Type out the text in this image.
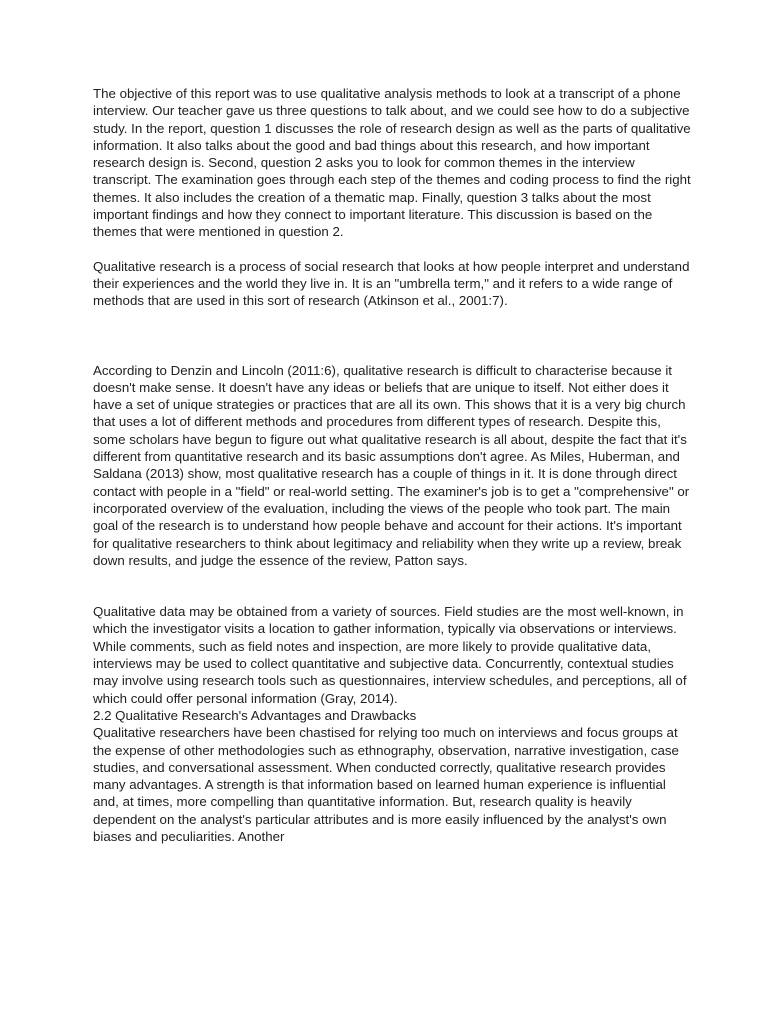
The objective of this report was to use qualitative analysis methods to look at a transcript of a phone interview. Our teacher gave us three questions to talk about, and we could see how to do a subjective study. In the report, question 1 discusses the role of research design as well as the parts of qualitative information. It also talks about the good and bad things about this research, and how important research design is. Second, question 2 asks you to look for common themes in the interview transcript. The examination goes through each step of the themes and coding process to find the right themes. It also includes the creation of a thematic map. Finally, question 3 talks about the most important findings and how they connect to important literature. This discussion is based on the themes that were mentioned in question 2.

Qualitative research is a process of social research that looks at how people interpret and understand their experiences and the world they live in. It is an "umbrella term," and it refers to a wide range of methods that are used in this sort of research (Atkinson et al., 2001:7).

According to Denzin and Lincoln (2011:6), qualitative research is difficult to characterise because it doesn't make sense. It doesn't have any ideas or beliefs that are unique to itself. Not either does it have a set of unique strategies or practices that are all its own. This shows that it is a very big church that uses a lot of different methods and procedures from different types of research. Despite this, some scholars have begun to figure out what qualitative research is all about, despite the fact that it's different from quantitative research and its basic assumptions don't agree. As Miles, Huberman, and Saldana (2013) show, most qualitative research has a couple of things in it. It is done through direct contact with people in a "field" or real-world setting. The examiner's job is to get a "comprehensive" or incorporated overview of the evaluation, including the views of the people who took part. The main goal of the research is to understand how people behave and account for their actions. It's important for qualitative researchers to think about legitimacy and reliability when they write up a review, break down results, and judge the essence of the review, Patton says.

Qualitative data may be obtained from a variety of sources. Field studies are the most well-known, in which the investigator visits a location to gather information, typically via observations or interviews. While comments, such as field notes and inspection, are more likely to provide qualitative data, interviews may be used to collect quantitative and subjective data. Concurrently, contextual studies may involve using research tools such as questionnaires, interview schedules, and perceptions, all of which could offer personal information (Gray, 2014).

2.2 Qualitative Research's Advantages and Drawbacks

Qualitative researchers have been chastised for relying too much on interviews and focus groups at the expense of other methodologies such as ethnography, observation, narrative investigation, case studies, and conversational assessment. When conducted correctly, qualitative research provides many advantages. A strength is that information based on learned human experience is influential and, at times, more compelling than quantitative information. But, research quality is heavily dependent on the analyst's particular attributes and is more easily influenced by the analyst's own biases and peculiarities. Another
